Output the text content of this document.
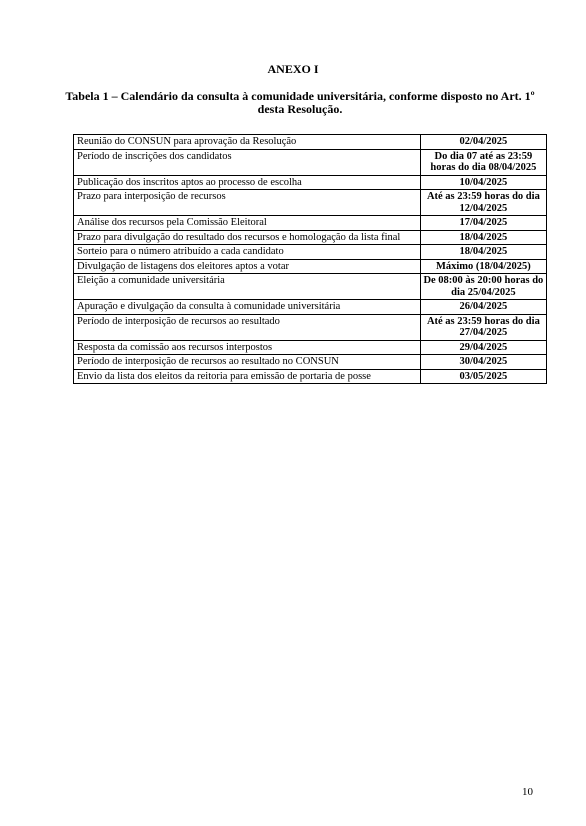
ANEXO I
Tabela 1 – Calendário da consulta à comunidade universitária, conforme disposto no Art. 1º desta Resolução.
Reunião do CONSUN para aprovação da Resolução	02/04/2025
Período de inscrições dos candidatos	Do dia 07 até as 23:59 horas do dia 08/04/2025
Publicação dos inscritos aptos ao processo de escolha	10/04/2025
Prazo para interposição de recursos	Até as 23:59 horas do dia 12/04/2025
Análise dos recursos pela Comissão Eleitoral	17/04/2025
Prazo para divulgação do resultado dos recursos e homologação da lista final	18/04/2025
Sorteio para o número atribuído a cada candidato	18/04/2025
Divulgação de listagens dos eleitores aptos a votar	Máximo (18/04/2025)
Eleição a comunidade universitária	De 08:00 às 20:00 horas do dia 25/04/2025
Apuração e divulgação da consulta à comunidade universitária	26/04/2025
Período de interposição de recursos ao resultado	Até as 23:59 horas do dia 27/04/2025
Resposta da comissão aos recursos interpostos	29/04/2025
Período de interposição de recursos ao resultado no CONSUN	30/04/2025
Envio da lista dos eleitos da reitoria para emissão de portaria de posse	03/05/2025
10
